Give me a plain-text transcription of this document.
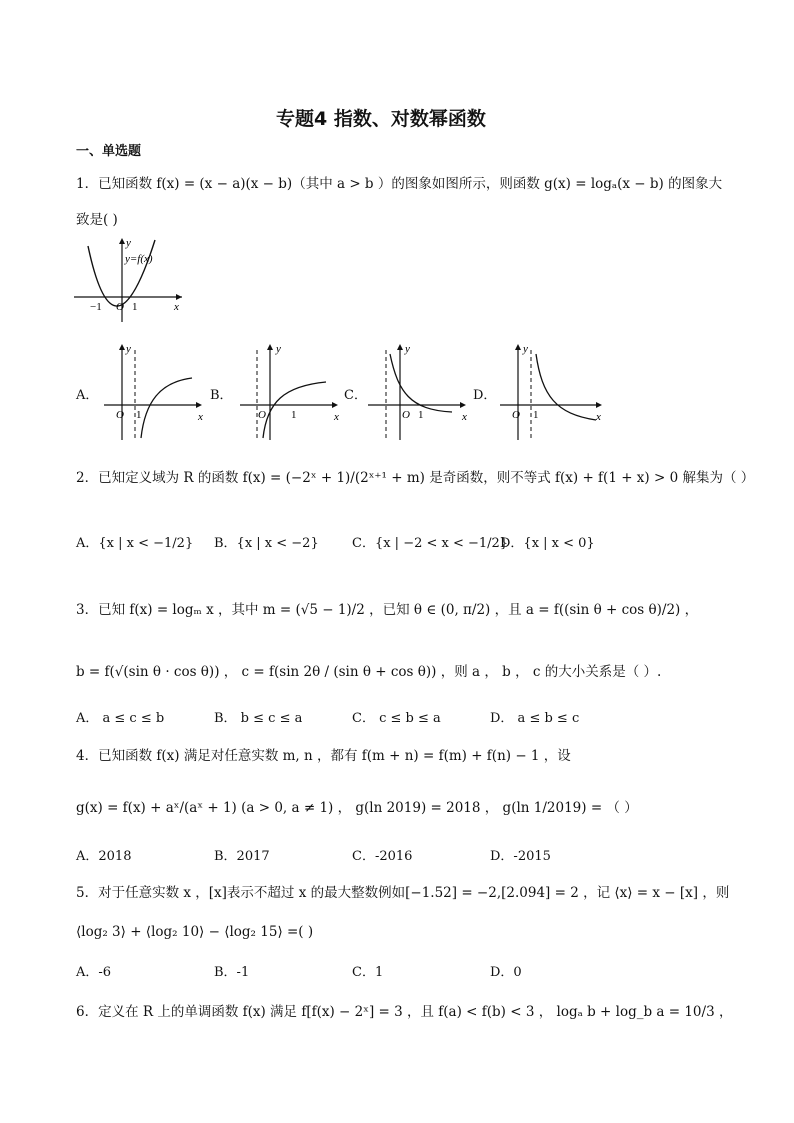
专题4 指数、对数幂函数
一、单选题
1．已知函数 f(x) = (x − a)(x − b)（其中 a > b ）的图象如图所示，则函数 g(x) = logₐ(x − b) 的图象大
致是( )
y
y=f(x)
x
−1 O 1
A．	B．	C．	D．
y
O 1	x
y
O 1	x
y
O 1	x
y
O 1	x
2．已知定义域为 R 的函数 f(x) = (−2ˣ + 1)/(2ˣ⁺¹ + m) 是奇函数，则不等式 f(x) + f(1 + x) > 0 解集为（ ）
A．{x | x < −1/2} B．{x | x < −2}	C．{x | −2 < x < −1/2}
D．{x | x < 0}
3．已知 f(x) = logₘ x ，其中 m = (√5 − 1)/2 ，已知 θ ∈ (0, π/2) ，且 a = f((sin θ + cos θ)/2) ，
b = f(√(sin θ · cos θ)) ， c = f(sin 2θ / (sin θ + cos θ)) ，则 a ， b ， c 的大小关系是（ ）.
A． a ≤ c ≤ b	B． b ≤ c ≤ a	C． c ≤ b ≤ a	D． a ≤ b ≤ c
4．已知函数 f(x) 满足对任意实数 m, n ，都有 f(m + n) = f(m) + f(n) − 1 ，设
g(x) = f(x) + aˣ/(aˣ + 1) (a > 0, a ≠ 1) ， g(ln 2019) = 2018 ， g(ln 1/2019) = （ ）
A．2018	B．2017	C．-2016	D．-2015
5．对于任意实数 x ，[x]表示不超过 x 的最大整数例如[−1.52] = −2,[2.094] = 2 ，记 ⟨x⟩ = x − [x] ，则
⟨log₂ 3⟩ + ⟨log₂ 10⟩ − ⟨log₂ 15⟩ =( )
A．-6	B．-1	C．1	D．0
6．定义在 R 上的单调函数 f(x) 满足 f[f(x) − 2ˣ] = 3 ，且 f(a) < f(b) < 3 ， logₐ b + log_b a = 10/3 ，
